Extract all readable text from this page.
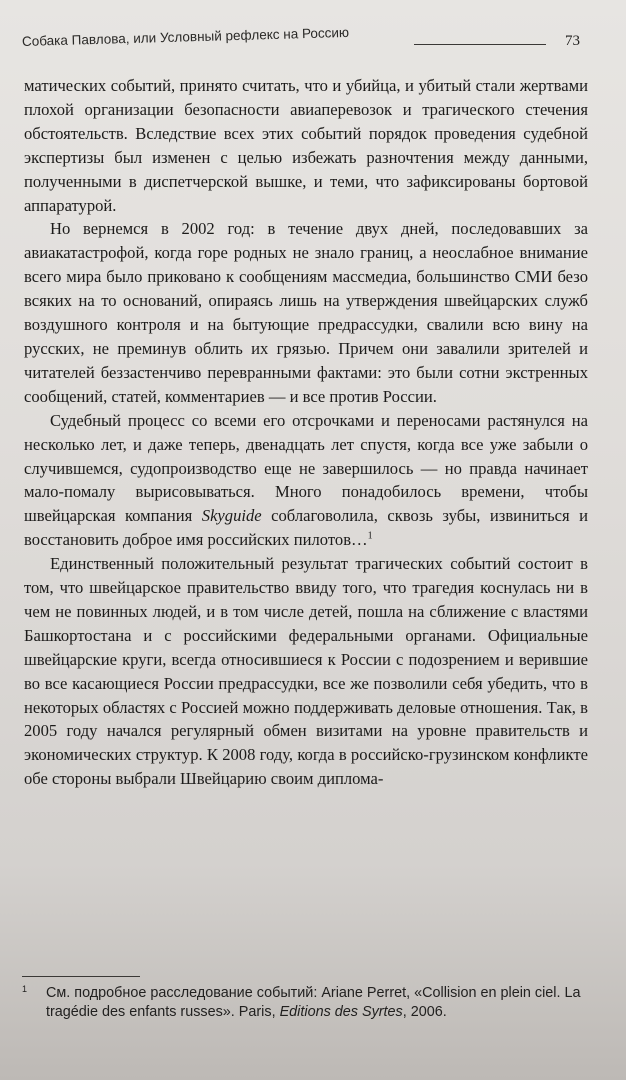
Собака Павлова, или Условный рефлекс на Россию	73

матических событий, принято считать, что и убийца, и убитый стали жертвами плохой организации безопасности авиаперевозок и трагического стечения обстоятельств. Вследствие всех этих событий порядок проведения судебной экспертизы был изменен с целью избежать разночтения между данными, полученными в диспетчерской вышке, и теми, что зафиксированы бортовой аппаратурой.

Но вернемся в 2002 год: в течение двух дней, последовавших за авиакатастрофой, когда горе родных не знало границ, а неослабное внимание всего мира было приковано к сообщениям массмедиа, большинство СМИ безо всяких на то оснований, опираясь лишь на утверждения швейцарских служб воздушного контроля и на бытующие предрассудки, свалили всю вину на русских, не преминув облить их грязью. Причем они завалили зрителей и читателей беззастенчиво перевранными фактами: это были сотни экстренных сообщений, статей, комментариев — и все против России.

Судебный процесс со всеми его отсрочками и переносами растянулся на несколько лет, и даже теперь, двенадцать лет спустя, когда все уже забыли о случившемся, судопроизводство еще не завершилось — но правда начинает мало-помалу вырисовываться. Много понадобилось времени, чтобы швейцарская компания Skyguide соблаговолила, сквозь зубы, извиниться и восстановить доброе имя российских пилотов…$^1$

Единственный положительный результат трагических событий состоит в том, что швейцарское правительство ввиду того, что трагедия коснулась ни в чем не повинных людей, и в том числе детей, пошла на сближение с властями Башкортостана и с российскими федеральными органами. Официальные швейцарские круги, всегда относившиеся к России с подозрением и верившие во все касающиеся России предрассудки, все же позволили себя убедить, что в некоторых областях с Россией можно поддерживать деловые отношения. Так, в 2005 году начался регулярный обмен визитами на уровне правительств и экономических структур. К 2008 году, когда в российско-грузинском конфликте обе стороны выбрали Швейцарию своим диплома-

1	См. подробное расследование событий: Ariane Perret, «Collision en plein ciel. La tragédie des enfants russes». Paris, Editions des Syrtes, 2006.
